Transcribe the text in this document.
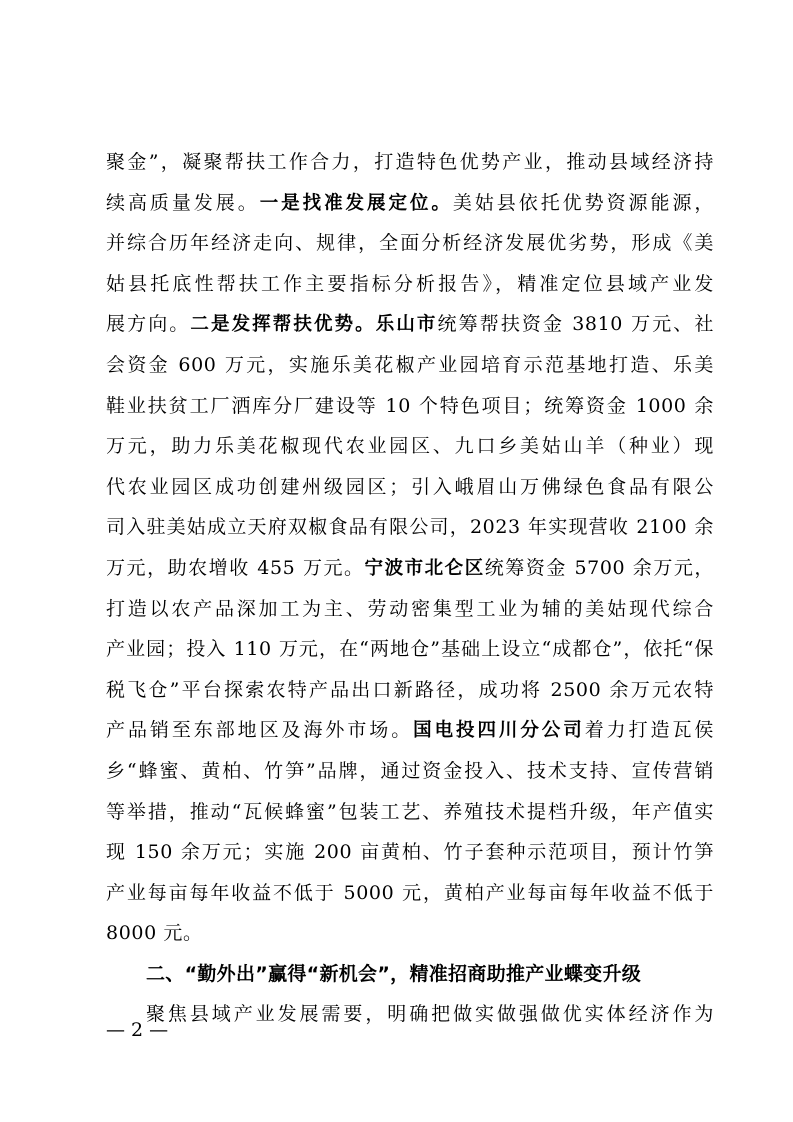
聚金”，凝聚帮扶工作合力，打造特色优势产业，推动县域经济持
续高质量发展。一是找准发展定位。美姑县依托优势资源能源，
并综合历年经济走向、规律，全面分析经济发展优劣势，形成《美
姑县托底性帮扶工作主要指标分析报告》，精准定位县域产业发
展方向。二是发挥帮扶优势。乐山市统筹帮扶资金 3810 万元、社
会资金 600 万元，实施乐美花椒产业园培育示范基地打造、乐美
鞋业扶贫工厂洒库分厂建设等 10 个特色项目；统筹资金 1000 余
万元，助力乐美花椒现代农业园区、九口乡美姑山羊（种业）现
代农业园区成功创建州级园区；引入峨眉山万佛绿色食品有限公
司入驻美姑成立天府双椒食品有限公司，2023 年实现营收 2100 余
万元，助农增收 455 万元。宁波市北仑区统筹资金 5700 余万元，
打造以农产品深加工为主、劳动密集型工业为辅的美姑现代综合
产业园；投入 110 万元，在“两地仓”基础上设立“成都仓”，依托“保
税飞仓”平台探索农特产品出口新路径，成功将 2500 余万元农特
产品销至东部地区及海外市场。国电投四川分公司着力打造瓦侯
乡“蜂蜜、黄柏、竹笋”品牌，通过资金投入、技术支持、宣传营销
等举措，推动“瓦候蜂蜜”包装工艺、养殖技术提档升级，年产值实
现 150 余万元；实施 200 亩黄柏、竹子套种示范项目，预计竹笋
产业每亩每年收益不低于 5000 元，黄柏产业每亩每年收益不低于
8000 元。
二、“勤外出”赢得“新机会”，精准招商助推产业蝶变升级
聚焦县域产业发展需要，明确把做实做强做优实体经济作为
— 2 —
